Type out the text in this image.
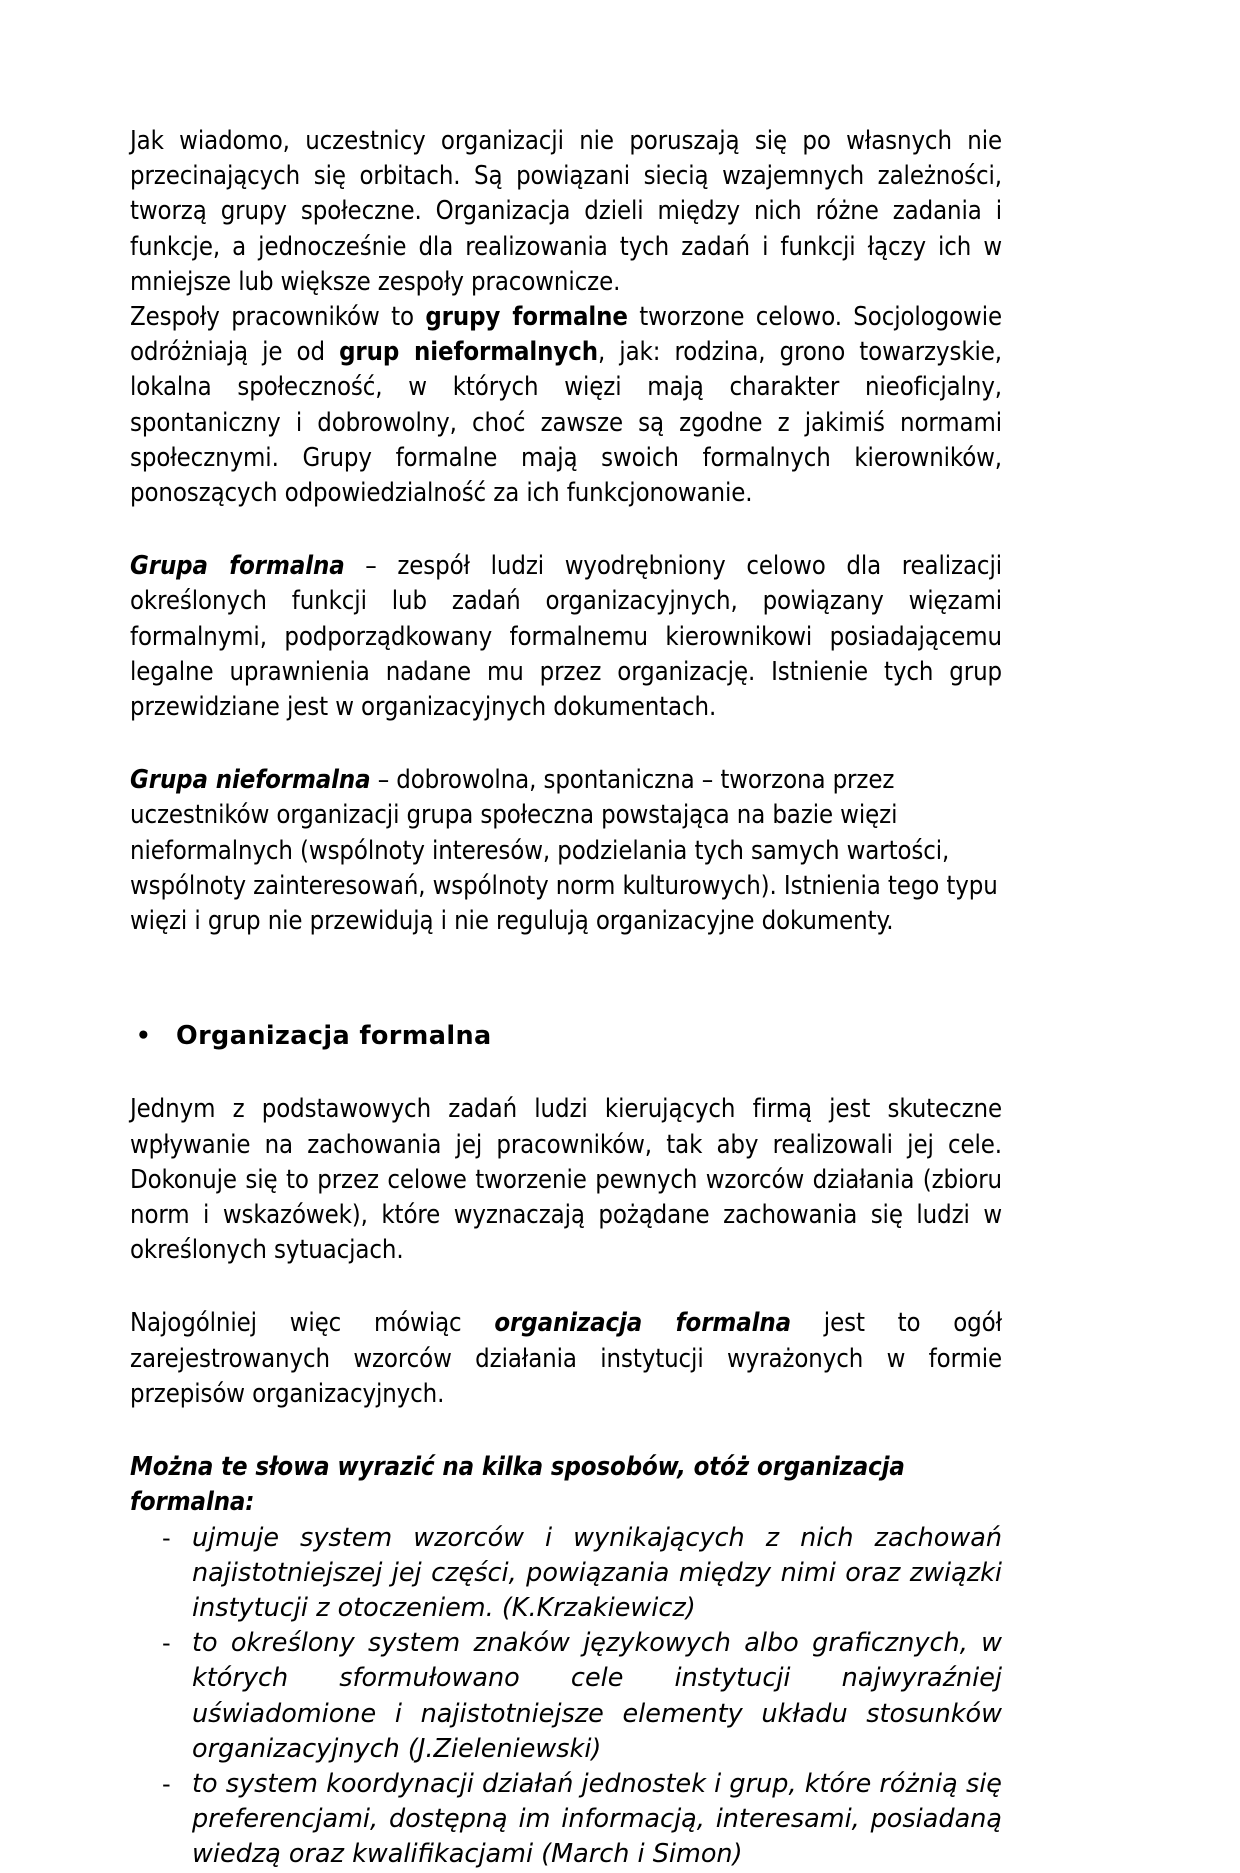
Jak wiadomo, uczestnicy organizacji nie poruszają się po własnych nie przecinających się orbitach. Są powiązani siecią wzajemnych zależności, tworzą grupy społeczne. Organizacja dzieli między nich różne zadania i funkcje, a jednocześnie dla realizowania tych zadań i funkcji łączy ich w mniejsze lub większe zespoły pracownicze.

Zespoły pracowników to grupy formalne tworzone celowo. Socjologowie odróżniają je od grup nieformalnych, jak: rodzina, grono towarzyskie, lokalna społeczność, w których więzi mają charakter nieoficjalny, spontaniczny i dobrowolny, choć zawsze są zgodne z jakimiś normami społecznymi. Grupy formalne mają swoich formalnych kierowników, ponoszących odpowiedzialność za ich funkcjonowanie.

Grupa formalna – zespół ludzi wyodrębniony celowo dla realizacji określonych funkcji lub zadań organizacyjnych, powiązany więzami formalnymi, podporządkowany formalnemu kierownikowi posiadającemu legalne uprawnienia nadane mu przez organizację. Istnienie tych grup przewidziane jest w organizacyjnych dokumentach.

Grupa nieformalna – dobrowolna, spontaniczna – tworzona przez uczestników organizacji grupa społeczna powstająca na bazie więzi nieformalnych (wspólnoty interesów, podzielania tych samych wartości, wspólnoty zainteresowań, wspólnoty norm kulturowych). Istnienia tego typu więzi i grup nie przewidują i nie regulują organizacyjne dokumenty.

• Organizacja formalna

Jednym z podstawowych zadań ludzi kierujących firmą jest skuteczne wpływanie na zachowania jej pracowników, tak aby realizowali jej cele. Dokonuje się to przez celowe tworzenie pewnych wzorców działania (zbioru norm i wskazówek), które wyznaczają pożądane zachowania się ludzi w określonych sytuacjach.

Najogólniej więc mówiąc organizacja formalna jest to ogół zarejestrowanych wzorców działania instytucji wyrażonych w formie przepisów organizacyjnych.

Można te słowa wyrazić na kilka sposobów, otóż organizacja formalna:

- ujmuje system wzorców i wynikających z nich zachowań najistotniejszej jej części, powiązania między nimi oraz związki instytucji z otoczeniem. (K.Krzakiewicz)
- to określony system znaków językowych albo graficznych, w których sformułowano cele instytucji najwyraźniej uświadomione i najistotniejsze elementy układu stosunków organizacyjnych (J.Zieleniewski)
- to system koordynacji działań jednostek i grup, które różnią się preferencjami, dostępną im informacją, interesami, posiadaną wiedzą oraz kwalifikacjami (March i Simon)
